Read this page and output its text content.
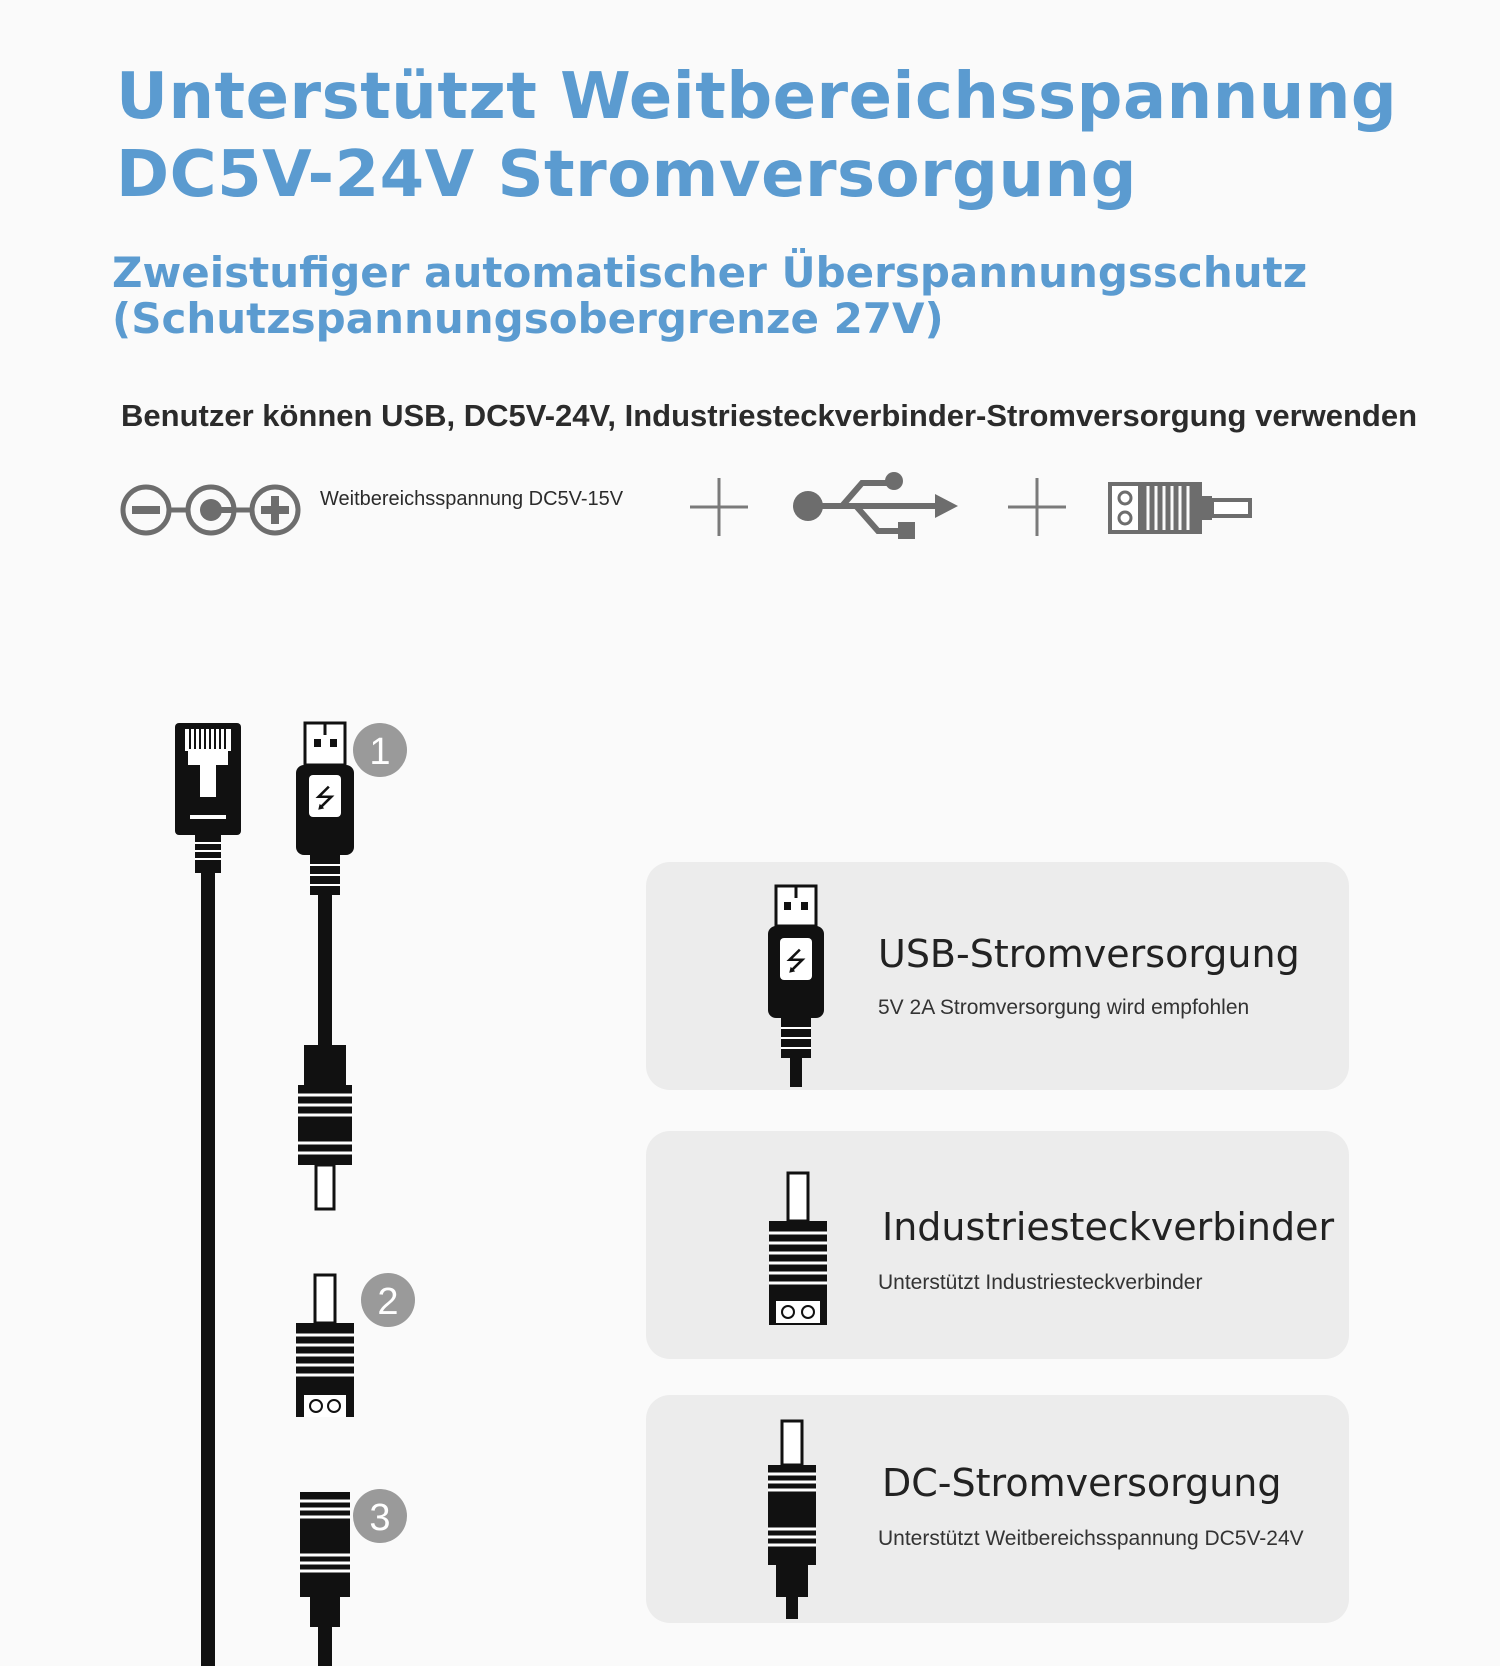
Unterstützt Weitbereichsspannung
DC5V-24V Stromversorgung
Zweistufiger automatischer Überspannungsschutz
(Schutzspannungsobergrenze 27V)
Benutzer können USB, DC5V-24V, Industriesteckverbinder-Stromversorgung verwenden
Weitbereichsspannung DC5V-15V
⭍
1
2
3
⭍ USB-Stromversorgung
5V 2A Stromversorgung wird empfohlen
Industriesteckverbinder
Unterstützt Industriesteckverbinder
DC-Stromversorgung
Unterstützt Weitbereichsspannung DC5V-24V
